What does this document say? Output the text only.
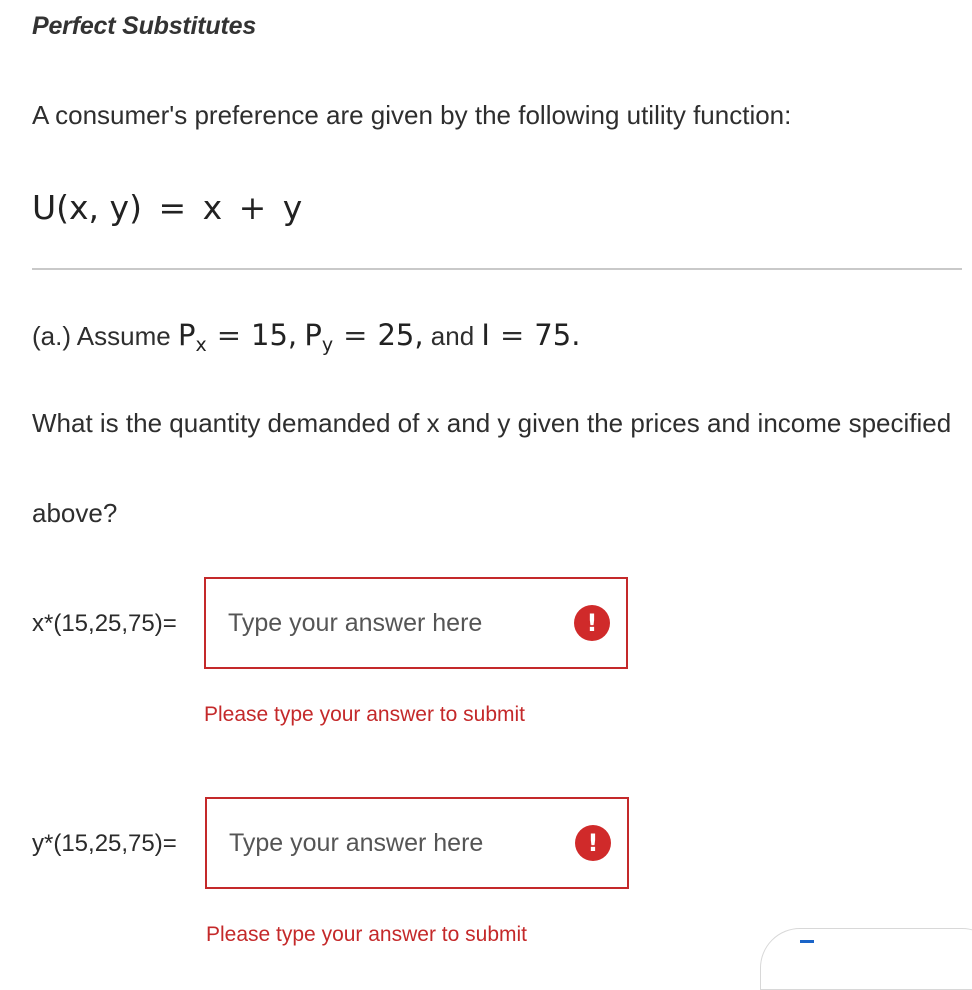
Perfect Substitutes
A consumer's preference are given by the following utility function:
U(x, y) = x + y
(a.) Assume $P_x = 15$, $P_y = 25$, and I = 75.
What is the quantity demanded of x and y given the prices and income specified
above?
x*(15,25,75)=
Type your answer here	!
Please type your answer to submit
y*(15,25,75)=
Type your answer here	!
Please type your answer to submit
